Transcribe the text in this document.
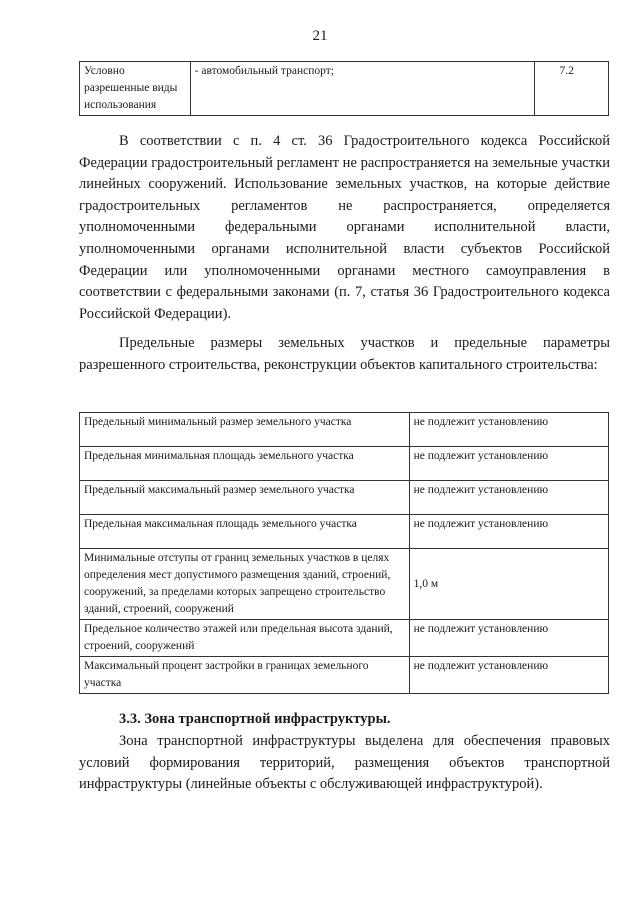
21
Условно разрешенные виды использования	- автомобильный транспорт;	7.2

В соответствии с п. 4 ст. 36 Градостроительного кодекса Российской Федерации градостроительный регламент не распространяется на земельные участки линейных сооружений. Использование земельных участков, на которые действие градостроительных регламентов не распространяется, определяется уполномоченными федеральными органами исполнительной власти, уполномоченными органами исполнительной власти субъектов Российской Федерации или уполномоченными органами местного самоуправления в соответствии с федеральными законами (п. 7, статья 36 Градостроительного кодекса Российской Федерации).

Предельные размеры земельных участков и предельные параметры разрешенного строительства, реконструкции объектов капитального строительства:

Предельный минимальный размер земельного участка	не подлежит установлению
Предельная минимальная площадь земельного участка	не подлежит установлению
Предельный максимальный размер земельного участка	не подлежит установлению
Предельная максимальная площадь земельного участка	не подлежит установлению
Минимальные отступы от границ земельных участков в целях определения мест допустимого размещения зданий, строений, сооружений, за пределами которых запрещено строительство зданий, строений, сооружений	1,0 м
Предельное количество этажей или предельная высота зданий, строений, сооружений	не подлежит установлению
Максимальный процент застройки в границах земельного участка	не подлежит установлению

3.3. Зона транспортной инфраструктуры.

Зона транспортной инфраструктуры выделена для обеспечения правовых условий формирования территорий, размещения объектов транспортной инфраструктуры (линейные объекты с обслуживающей инфраструктурой).
